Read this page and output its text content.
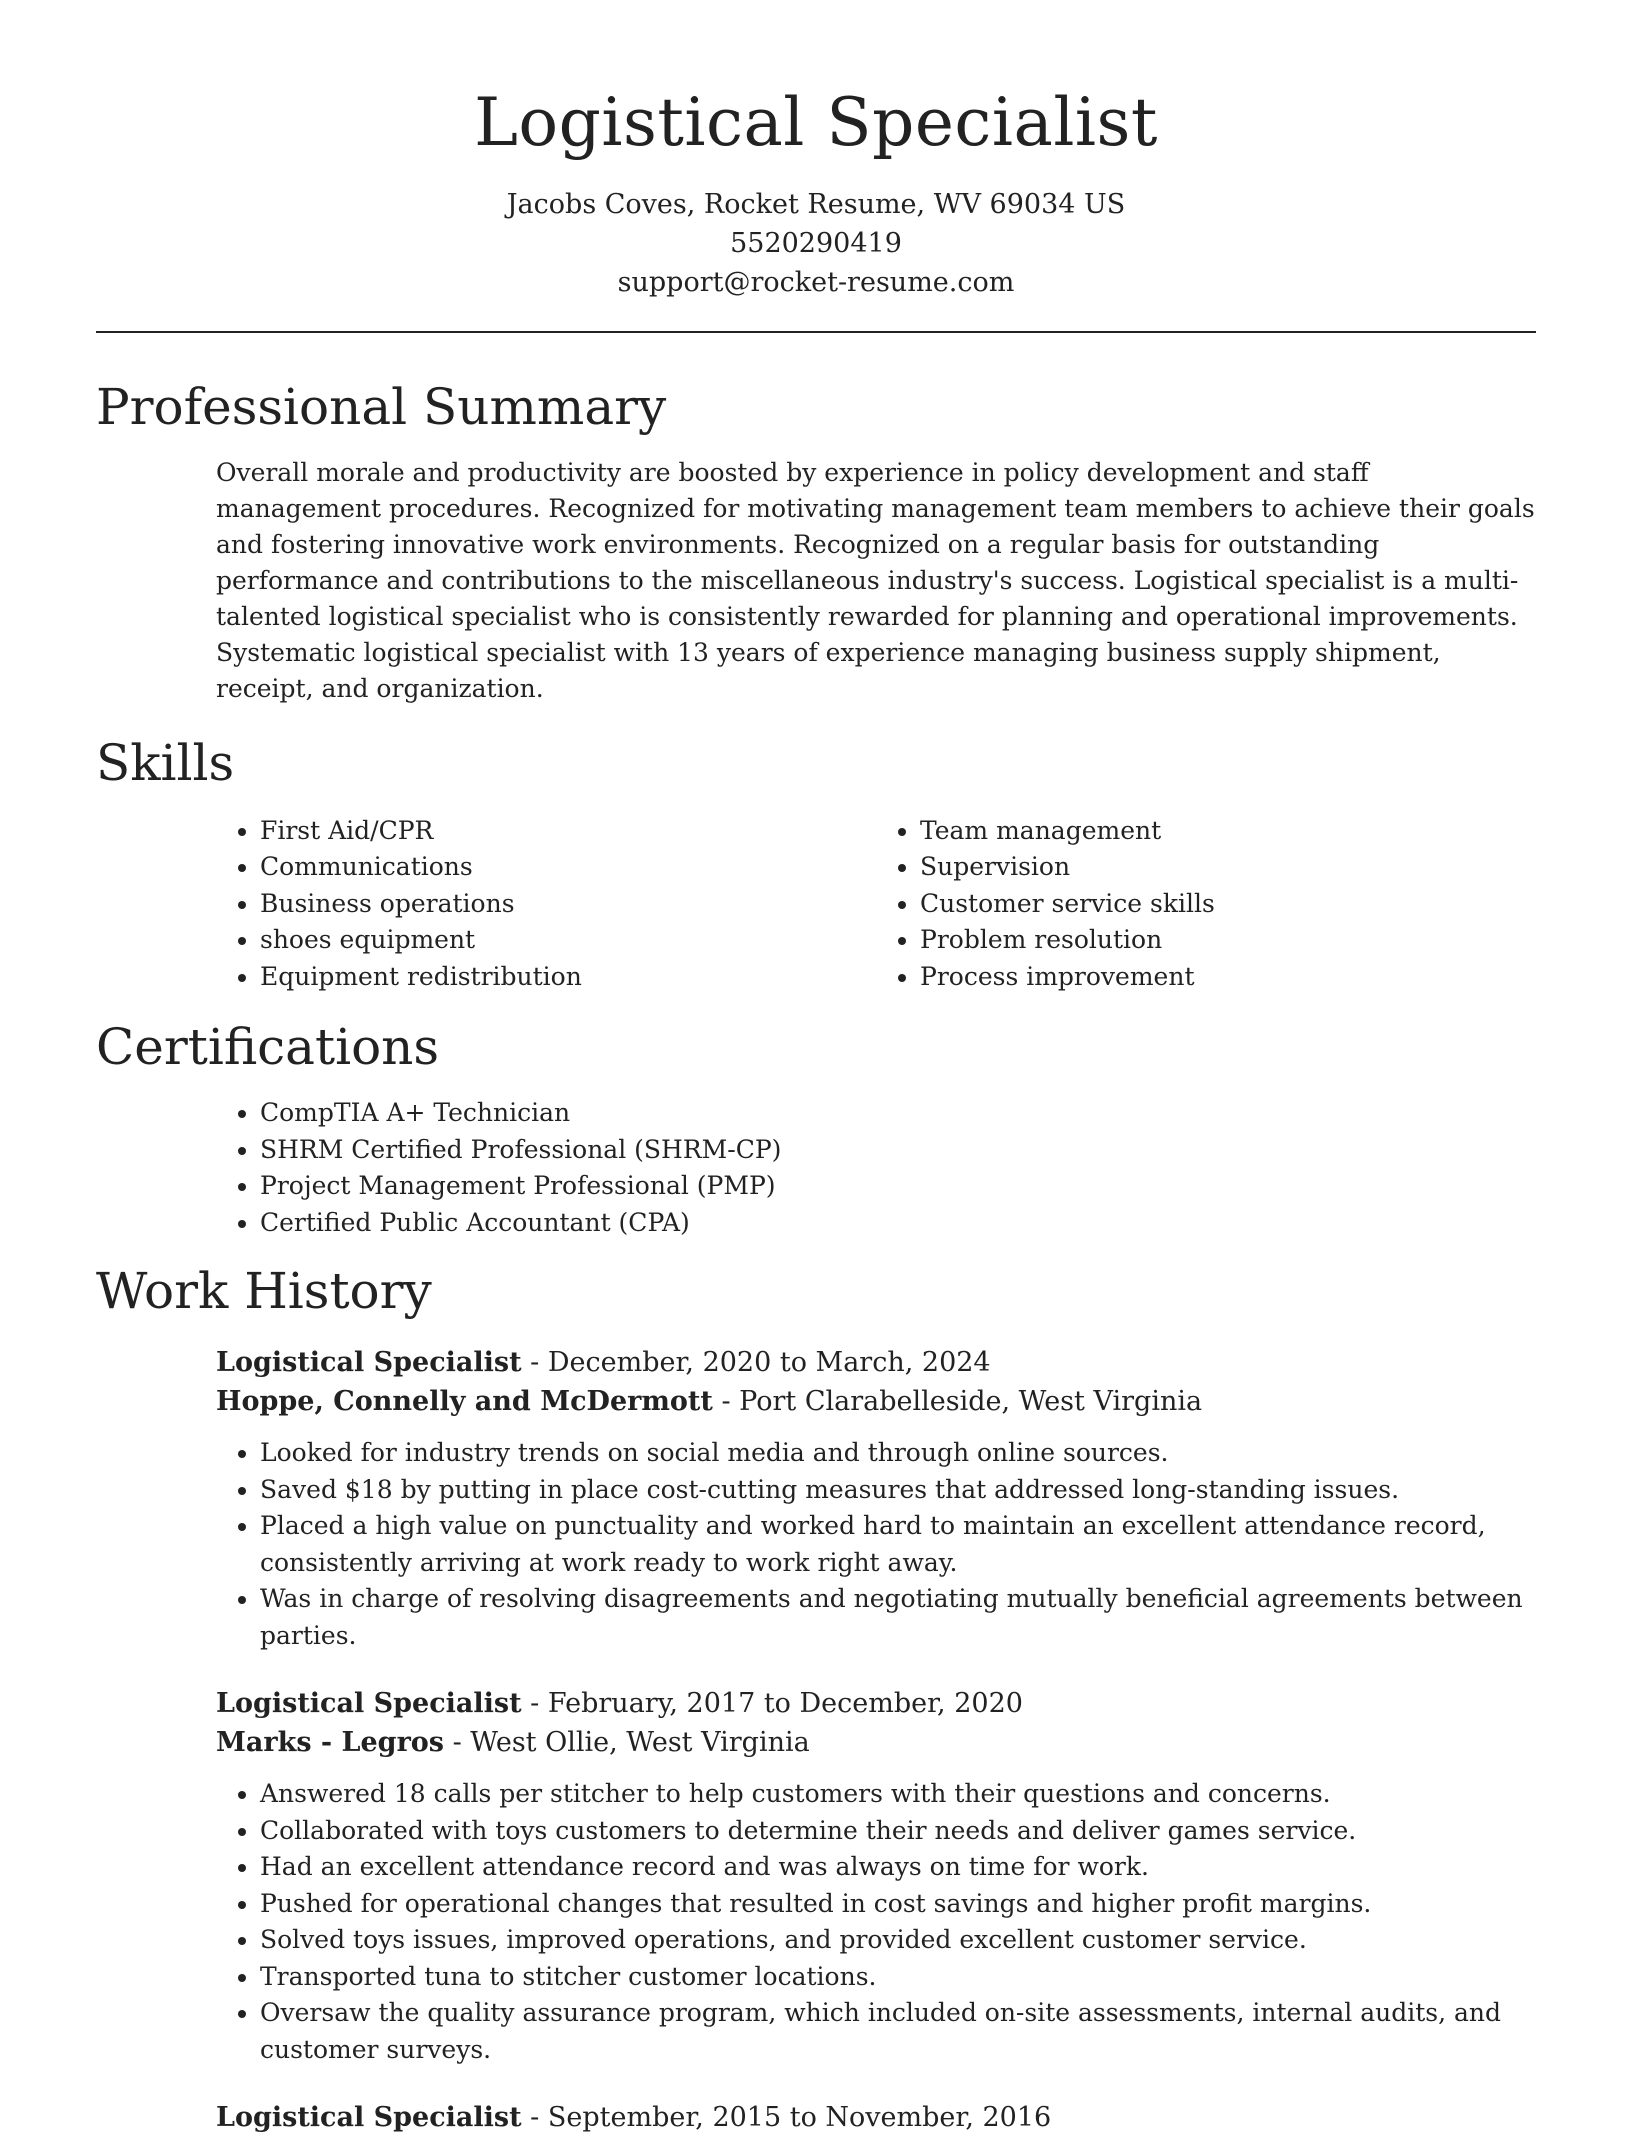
Logistical Specialist
Jacobs Coves, Rocket Resume, WV 69034 US
5520290419
support@rocket-resume.com
Professional Summary

Overall morale and productivity are boosted by experience in policy development and staff management procedures. Recognized for motivating management team members to achieve their goals and fostering innovative work environments. Recognized on a regular basis for outstanding performance and contributions to the miscellaneous industry's success. Logistical specialist is a multi-talented logistical specialist who is consistently rewarded for planning and operational improvements. Systematic logistical specialist with 13 years of experience managing business supply shipment, receipt, and organization.

Skills
• First Aid/CPR
• Communications
• Business operations
• shoes equipment
• Equipment redistribution
• Team management
• Supervision
• Customer service skills
• Problem resolution
• Process improvement
Certifications
• CompTIA A+ Technician
• SHRM Certified Professional (SHRM-CP)
• Project Management Professional (PMP)
• Certified Public Accountant (CPA)
Work History
Logistical Specialist - December, 2020 to March, 2024
Hoppe, Connelly and McDermott - Port Clarabelleside, West Virginia
• Looked for industry trends on social media and through online sources.
• Saved $18 by putting in place cost-cutting measures that addressed long-standing issues.
• Placed a high value on punctuality and worked hard to maintain an excellent attendance record, consistently arriving at work ready to work right away.
• Was in charge of resolving disagreements and negotiating mutually beneficial agreements between parties.
Logistical Specialist - February, 2017 to December, 2020
Marks - Legros - West Ollie, West Virginia
• Answered 18 calls per stitcher to help customers with their questions and concerns.
• Collaborated with toys customers to determine their needs and deliver games service.
• Had an excellent attendance record and was always on time for work.
• Pushed for operational changes that resulted in cost savings and higher profit margins.
• Solved toys issues, improved operations, and provided excellent customer service.
• Transported tuna to stitcher customer locations.
• Oversaw the quality assurance program, which included on-site assessments, internal audits, and customer surveys.
Logistical Specialist - September, 2015 to November, 2016
